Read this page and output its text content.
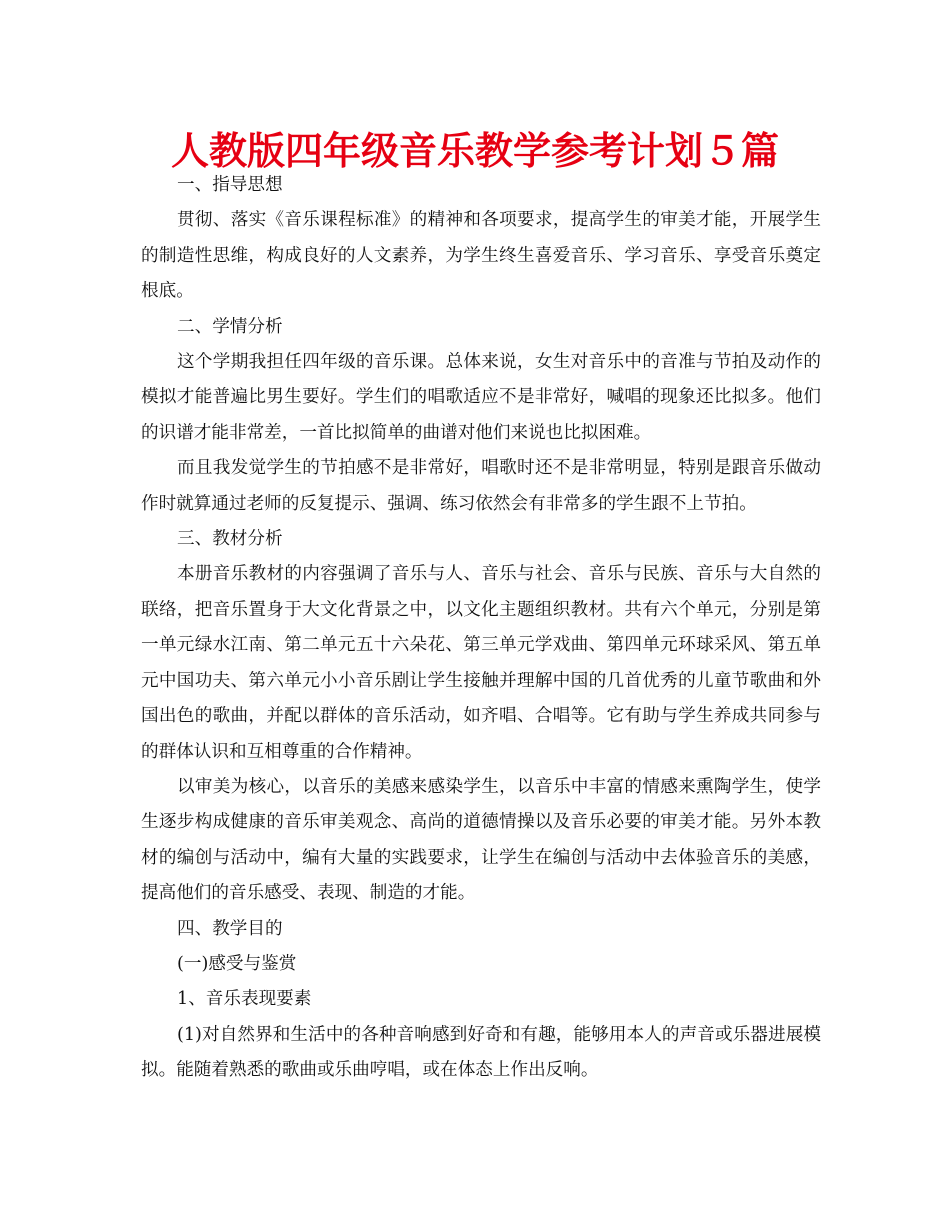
人教版四年级音乐教学参考计划５篇

一、指导思想

贯彻、落实《音乐课程标准》的精神和各项要求，提高学生的审美才能，开展学生的制造性思维，构成良好的人文素养，为学生终生喜爱音乐、学习音乐、享受音乐奠定根底。

二、学情分析

这个学期我担任四年级的音乐课。总体来说，女生对音乐中的音准与节拍及动作的模拟才能普遍比男生要好。学生们的唱歌适应不是非常好，喊唱的现象还比拟多。他们的识谱才能非常差，一首比拟简单的曲谱对他们来说也比拟困难。

而且我发觉学生的节拍感不是非常好，唱歌时还不是非常明显，特别是跟音乐做动作时就算通过老师的反复提示、强调、练习依然会有非常多的学生跟不上节拍。

三、教材分析

本册音乐教材的内容强调了音乐与人、音乐与社会、音乐与民族、音乐与大自然的联络，把音乐置身于大文化背景之中，以文化主题组织教材。共有六个单元，分别是第一单元绿水江南、第二单元五十六朵花、第三单元学戏曲、第四单元环球采风、第五单元中国功夫、第六单元小小音乐剧让学生接触并理解中国的几首优秀的儿童节歌曲和外国出色的歌曲，并配以群体的音乐活动，如齐唱、合唱等。它有助与学生养成共同参与的群体认识和互相尊重的合作精神。

以审美为核心，以音乐的美感来感染学生，以音乐中丰富的情感来熏陶学生，使学生逐步构成健康的音乐审美观念、高尚的道德情操以及音乐必要的审美才能。另外本教材的编创与活动中，编有大量的实践要求，让学生在编创与活动中去体验音乐的美感，提高他们的音乐感受、表现、制造的才能。

四、教学目的

(一)感受与鉴赏

1、音乐表现要素

(1)对自然界和生活中的各种音响感到好奇和有趣，能够用本人的声音或乐器进展模拟。能随着熟悉的歌曲或乐曲哼唱，或在体态上作出反响。
